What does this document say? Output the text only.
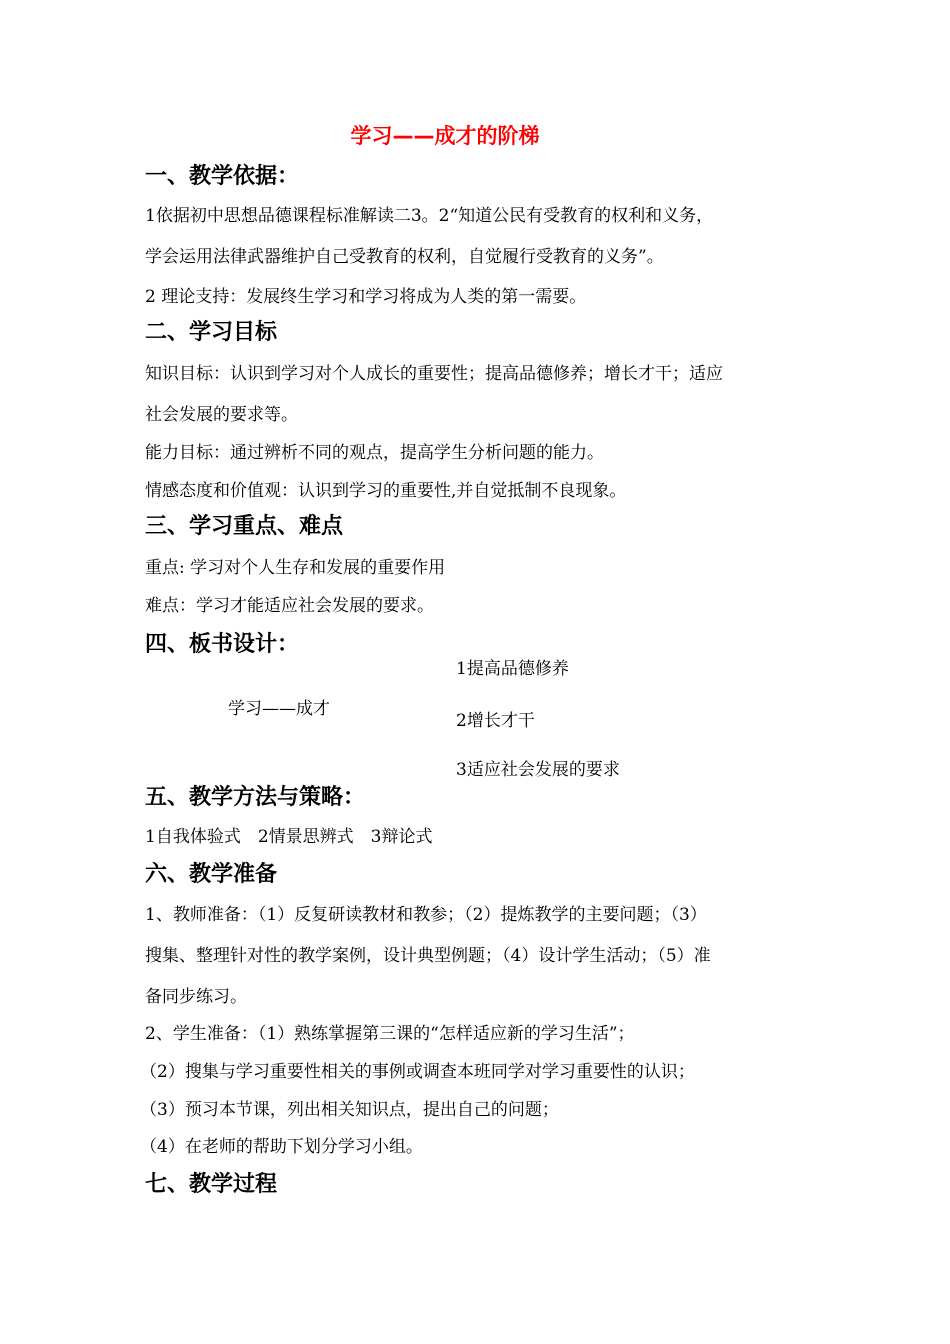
学习——成才的阶梯
一、教学依据：
1依据初中思想品德课程标准解读二3。2“知道公民有受教育的权利和义务，
学会运用法律武器维护自己受教育的权利，自觉履行受教育的义务”。
2 理论支持：发展终生学习和学习将成为人类的第一需要。
二、学习目标
知识目标：认识到学习对个人成长的重要性；提高品德修养；增长才干；适应
社会发展的要求等。
能力目标：通过辨析不同的观点，提高学生分析问题的能力。
情感态度和价值观：认识到学习的重要性,并自觉抵制不良现象。
三、学习重点、难点
重点: 学习对个人生存和发展的重要作用
难点：学习才能适应社会发展的要求。
四、板书设计：
1提高品德修养
学习——成才
2增长才干
3适应社会发展的要求
五、教学方法与策略：
1自我体验式　2情景思辨式　3辩论式
六、教学准备
1、教师准备：（1）反复研读教材和教参；（2）提炼教学的主要问题；（3）
搜集、整理针对性的教学案例，设计典型例题；（4）设计学生活动；（5）准
备同步练习。
2、学生准备：（1）熟练掌握第三课的“怎样适应新的学习生活”；
（2）搜集与学习重要性相关的事例或调查本班同学对学习重要性的认识；
（3）预习本节课，列出相关知识点，提出自己的问题；
（4）在老师的帮助下划分学习小组。
七、教学过程
